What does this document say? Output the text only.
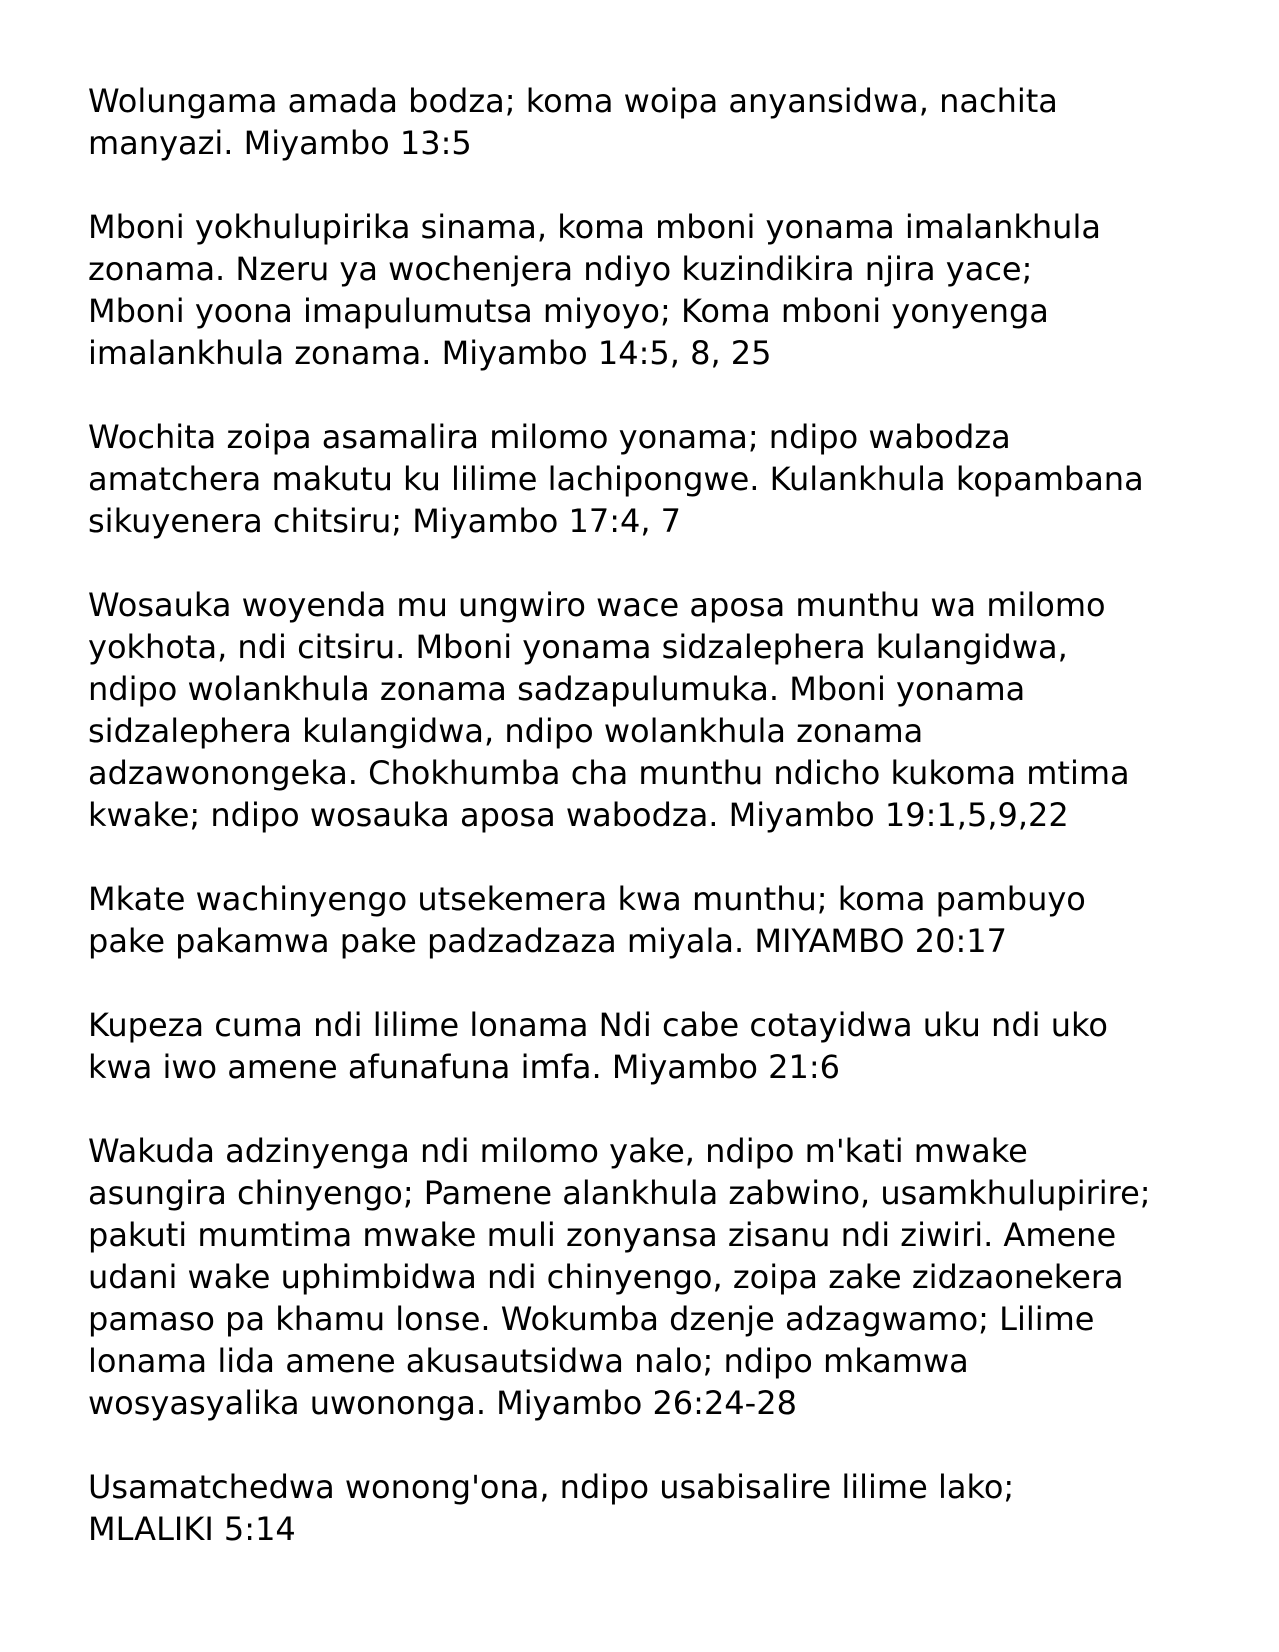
Wolungama amada bodza; koma woipa anyansidwa, nachita
manyazi. Miyambo 13:5
Mboni yokhulupirika sinama, koma mboni yonama imalankhula
zonama. Nzeru ya wochenjera ndiyo kuzindikira njira yace;
Mboni yoona imapulumutsa miyoyo; Koma mboni yonyenga
imalankhula zonama. Miyambo 14:5, 8, 25
Wochita zoipa asamalira milomo yonama; ndipo wabodza
amatchera makutu ku lilime lachipongwe. Kulankhula kopambana
sikuyenera chitsiru; Miyambo 17:4, 7
Wosauka woyenda mu ungwiro wace aposa munthu wa milomo
yokhota, ndi citsiru. Mboni yonama sidzalephera kulangidwa,
ndipo wolankhula zonama sadzapulumuka. Mboni yonama
sidzalephera kulangidwa, ndipo wolankhula zonama
adzawonongeka. Chokhumba cha munthu ndicho kukoma mtima
kwake; ndipo wosauka aposa wabodza. Miyambo 19:1,5,9,22
Mkate wachinyengo utsekemera kwa munthu; koma pambuyo
pake pakamwa pake padzadzaza miyala. MIYAMBO 20:17
Kupeza cuma ndi lilime lonama Ndi cabe cotayidwa uku ndi uko
kwa iwo amene afunafuna imfa. Miyambo 21:6
Wakuda adzinyenga ndi milomo yake, ndipo m'kati mwake
asungira chinyengo; Pamene alankhula zabwino, usamkhulupirire;
pakuti mumtima mwake muli zonyansa zisanu ndi ziwiri. Amene
udani wake uphimbidwa ndi chinyengo, zoipa zake zidzaonekera
pamaso pa khamu lonse. Wokumba dzenje adzagwamo; Lilime
lonama lida amene akusautsidwa nalo; ndipo mkamwa
wosyasyalika uwononga. Miyambo 26:24-28
Usamatchedwa wonong'ona, ndipo usabisalire lilime lako;
MLALIKI 5:14
